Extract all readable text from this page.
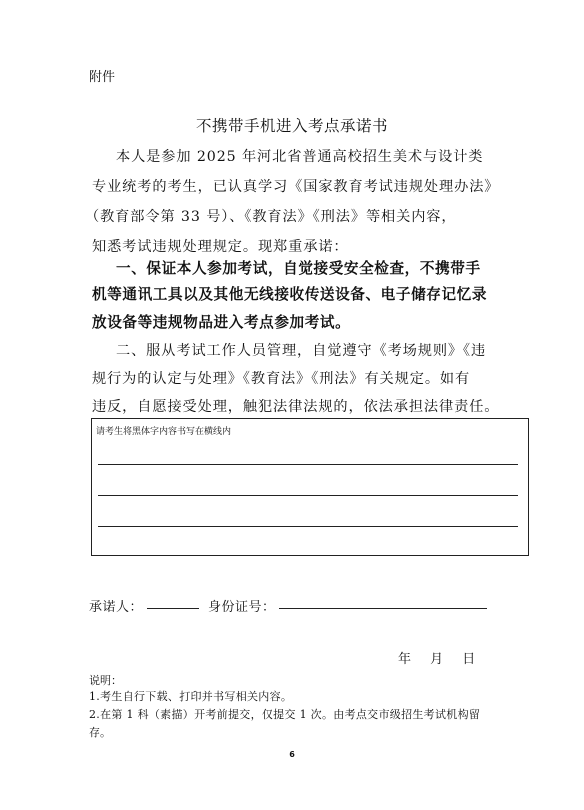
附件
不携带手机进入考点承诺书
本人是参加 2025 年河北省普通高校招生美术与设计类
专业统考的考生，已认真学习《国家教育考试违规处理办法》
（教育部令第 33 号）、《教育法》《刑法》等相关内容，
知悉考试违规处理规定。现郑重承诺：
一、保证本人参加考试，自觉接受安全检查，不携带手
机等通讯工具以及其他无线接收传送设备、电子储存记忆录
放设备等违规物品进入考点参加考试。
二、服从考试工作人员管理，自觉遵守《考场规则》《违
规行为的认定与处理》《教育法》《刑法》有关规定。如有
违反，自愿接受处理，触犯法律法规的，依法承担法律责任。
请考生将黑体字内容书写在横线内
承诺人：	身份证号：
年 月 日
说明：
1.考生自行下载、打印并书写相关内容。
2.在第 1 科（素描）开考前提交，仅提交 1 次。由考点交市级招生考试机构留
存。
6
